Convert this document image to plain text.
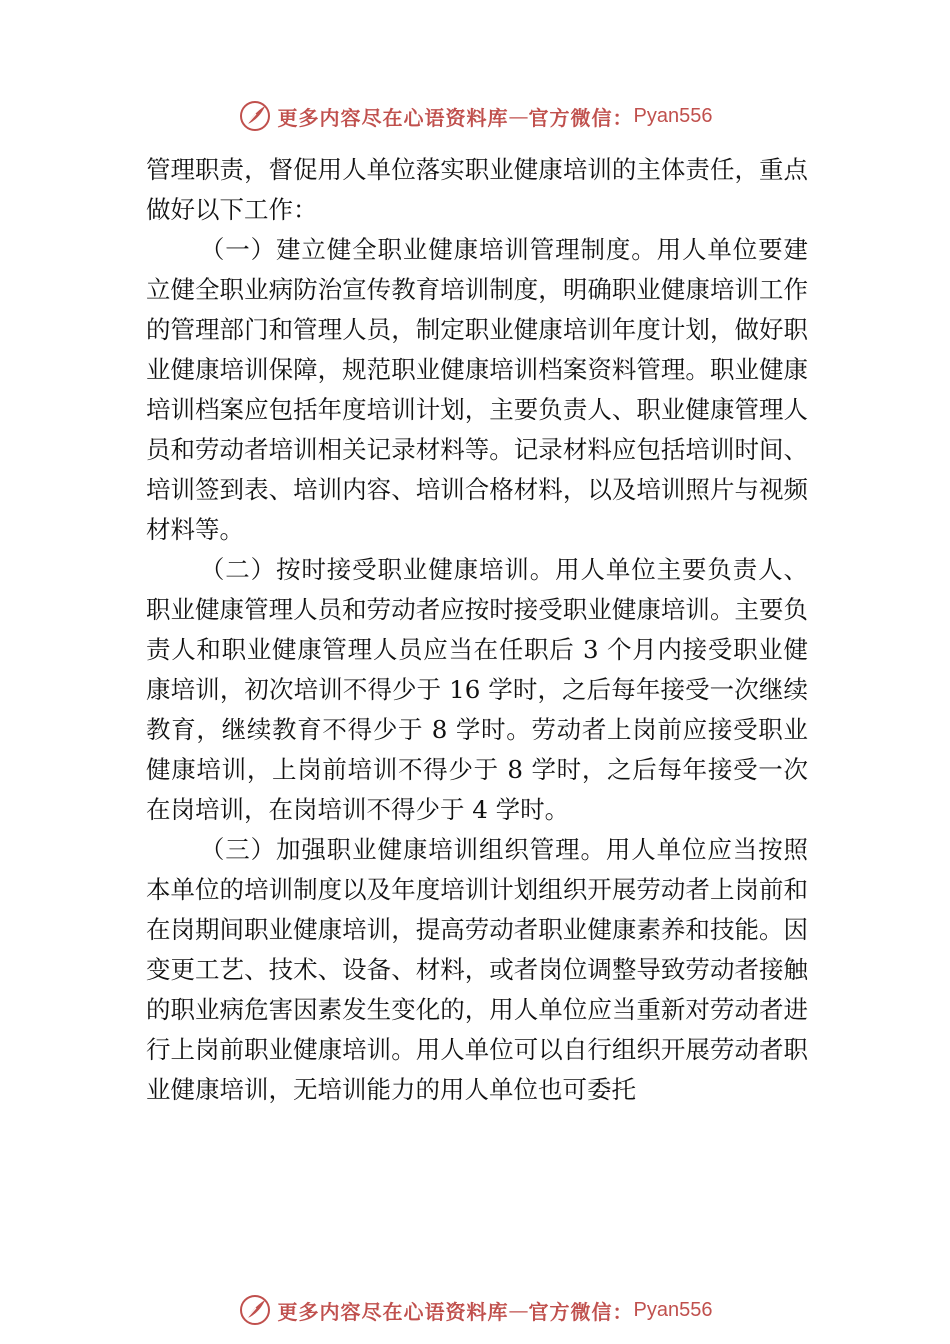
更多内容尽在心语资料库 — 官方微信： Pyan556

管理职责，督促用人单位落实职业健康培训的主体责任，重点做好以下工作：

（一）建立健全职业健康培训管理制度。用人单位要建立健全职业病防治宣传教育培训制度，明确职业健康培训工作的管理部门和管理人员，制定职业健康培训年度计划，做好职业健康培训保障，规范职业健康培训档案资料管理。职业健康培训档案应包括年度培训计划，主要负责人、职业健康管理人员和劳动者培训相关记录材料等。记录材料应包括培训时间、培训签到表、培训内容、培训合格材料，以及培训照片与视频材料等。

（二）按时接受职业健康培训。用人单位主要负责人、职业健康管理人员和劳动者应按时接受职业健康培训。主要负责人和职业健康管理人员应当在任职后 3 个月内接受职业健康培训，初次培训不得少于 16 学时，之后每年接受一次继续教育，继续教育不得少于 8 学时。劳动者上岗前应接受职业健康培训，上岗前培训不得少于 8 学时，之后每年接受一次在岗培训，在岗培训不得少于 4 学时。

（三）加强职业健康培训组织管理。用人单位应当按照本单位的培训制度以及年度培训计划组织开展劳动者上岗前和在岗期间职业健康培训，提高劳动者职业健康素养和技能。因变更工艺、技术、设备、材料，或者岗位调整导致劳动者接触的职业病危害因素发生变化的，用人单位应当重新对劳动者进行上岗前职业健康培训。用人单位可以自行组织开展劳动者职业健康培训，无培训能力的用人单位也可委托

更多内容尽在心语资料库 — 官方微信： Pyan556
